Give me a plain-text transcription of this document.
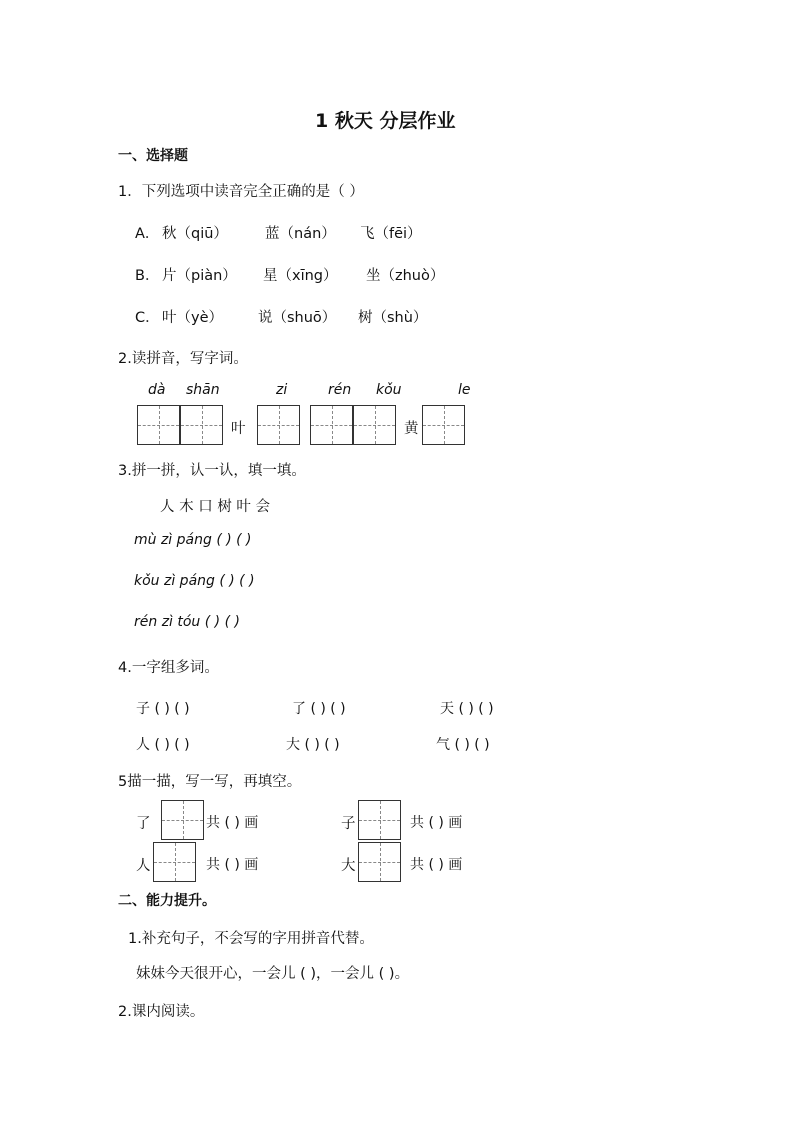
1 秋天 分层作业
一、选择题
1．下列选项中读音完全正确的是（ ）
A． 秋（qiū）	蓝（nán） 飞（fēi）
B． 片（piàn） 星（xīng） 坐（zhuò）
C． 叶（yè） 说（shuō） 树（shù）
2.读拼音，写字词。
dà shān	zi	rén kǒu	le
叶	黄
3.拼一拼，认一认，填一填。
人 木 口 树 叶 会
mù zì páng ( ) ( )
kǒu zì páng ( ) ( )
rén zì tóu ( ) ( )
4.一字组多词。
子 ( ) ( )	了 ( ) ( )	天 ( ) ( )
人 ( ) ( )	大 ( ) ( )	气 ( ) ( )
5描一描，写一写，再填空。
了	共 ( ) 画	子	共 ( ) 画
人	共 ( ) 画	大	共 ( ) 画
二、能力提升。
1.补充句子，不会写的字用拼音代替。
妹妹今天很开心，一会儿 ( )，一会儿 ( )。
2.课内阅读。
